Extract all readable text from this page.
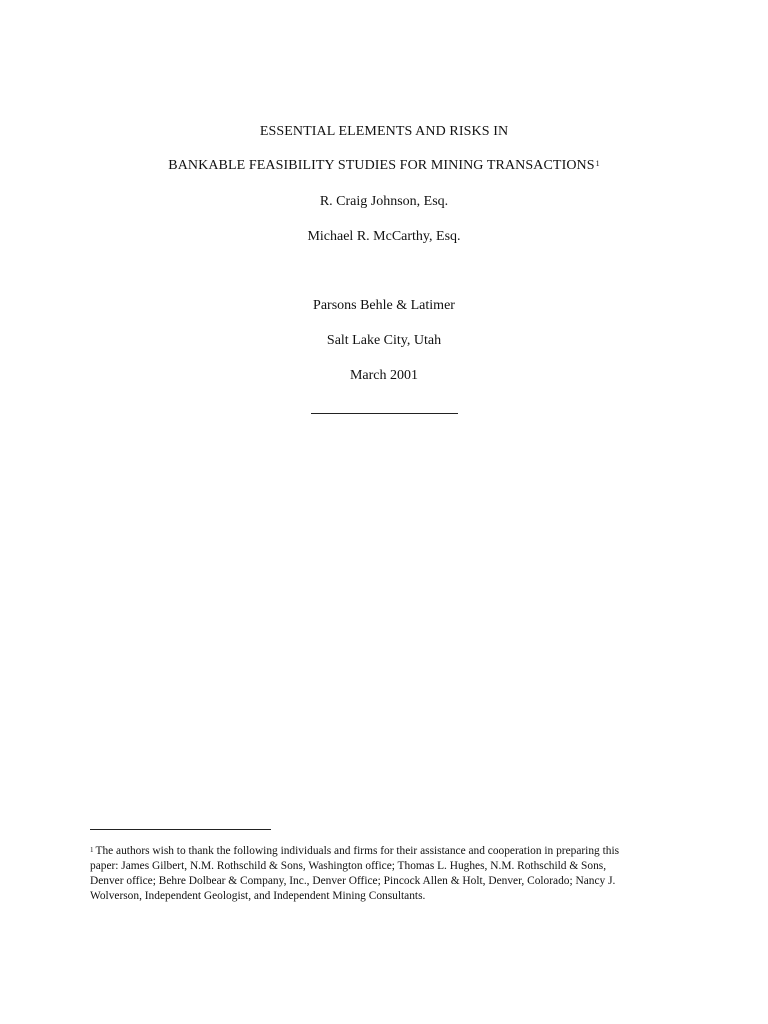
ESSENTIAL ELEMENTS AND RISKS IN
BANKABLE FEASIBILITY STUDIES FOR MINING TRANSACTIONS$^1$
R. Craig Johnson, Esq.
Michael R. McCarthy, Esq.
Parsons Behle & Latimer
Salt Lake City, Utah
March 2001
$^1$ The authors wish to thank the following individuals and firms for their assistance and cooperation in preparing this
paper: James Gilbert, N.M. Rothschild & Sons, Washington office; Thomas L. Hughes, N.M. Rothschild & Sons,
Denver office; Behre Dolbear & Company, Inc., Denver Office; Pincock Allen & Holt, Denver, Colorado; Nancy J.
Wolverson, Independent Geologist, and Independent Mining Consultants.
